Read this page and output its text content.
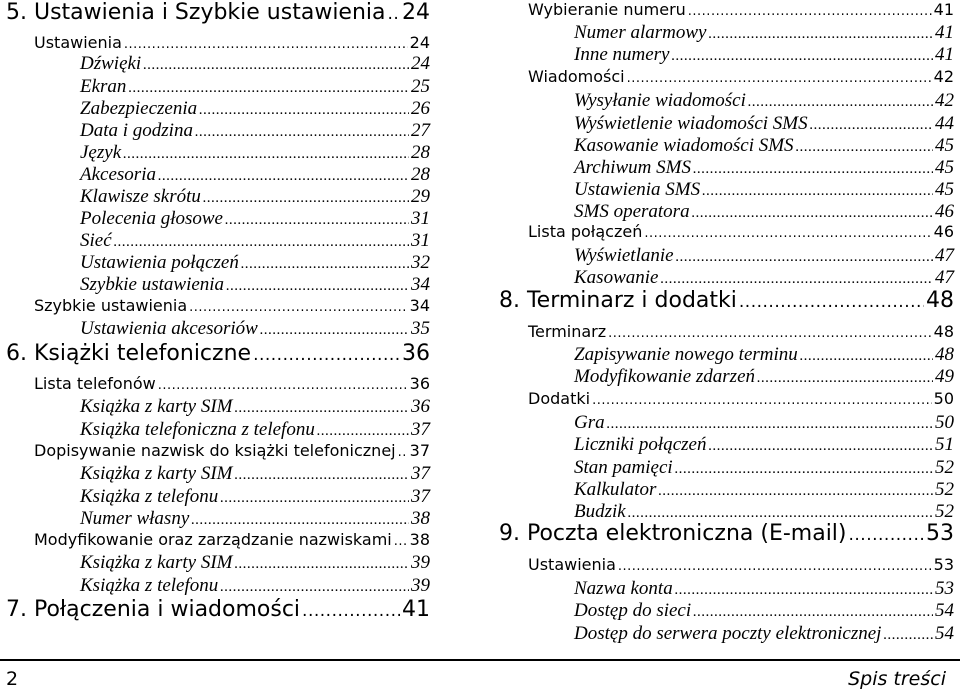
5. Ustawienia i Szybkie ustawienia ..... 24
Ustawienia .....	24
Dźwięki .....	24
Ekran .....	25
Zabezpieczenia .....	26
Data i godzina .....	27
Język .....	28
Akcesoria .....	28
Klawisze skrótu .....	29
Polecenia głosowe .....	31
Sieć .....	31
Ustawienia połączeń .....	32
Szybkie ustawienia .....	34
Szybkie ustawienia .....	34
Ustawienia akcesoriów .....	35
6. Książki telefoniczne .....	36
Lista telefonów .....	36
Książka z karty SIM .....	36
Książka telefoniczna z telefonu .....	37
Dopisywanie nazwisk do książki telefonicznej ..... 37
Książka z karty SIM .....	37
Książka z telefonu .....	37
Numer własny .....	38
Modyfikowanie oraz zarządzanie nazwiskami ..... 38
Książka z karty SIM .....	39
Książka z telefonu .....	39
7. Połączenia i wiadomości .....	41
Wybieranie numeru .....	41
Numer alarmowy .....	41
Inne numery .....	41
Wiadomości .....	42
Wysyłanie wiadomości .....	42
Wyświetlenie wiadomości SMS .....	44
Kasowanie wiadomości SMS .....	45
Archiwum SMS .....	45
Ustawienia SMS .....	45
SMS operatora .....	46
Lista połączeń .....	46
Wyświetlanie .....	47
Kasowanie .....	47
8. Terminarz i dodatki .....	48
Terminarz .....	48
Zapisywanie nowego terminu .....	48
Modyfikowanie zdarzeń .....	49
Dodatki .....	50
Gra .....	50
Liczniki połączeń .....	51
Stan pamięci .....	52
Kalkulator .....	52
Budzik .....	52
9. Poczta elektroniczna (E-mail) .....	53
Ustawienia .....	53
Nazwa konta .....	53
Dostęp do sieci .....	54
Dostęp do serwera poczty elektronicznej .....	54
2	Spis treści
